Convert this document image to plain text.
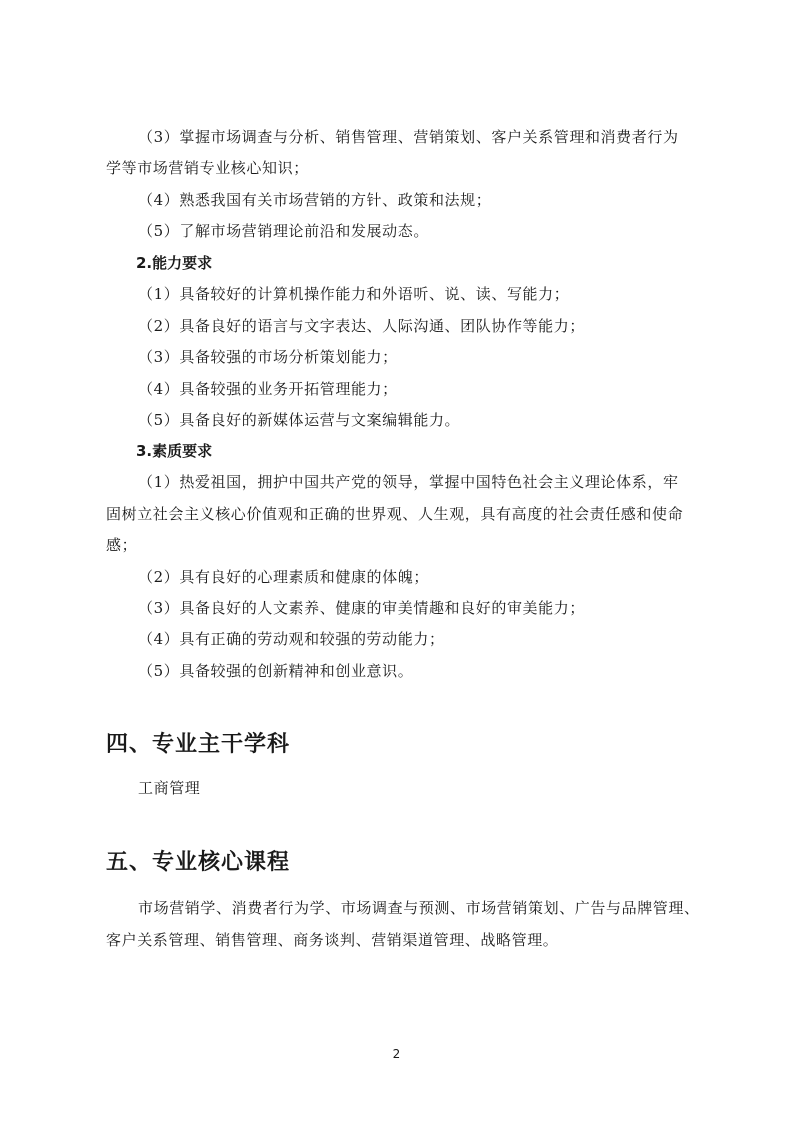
（3）掌握市场调查与分析、销售管理、营销策划、客户关系管理和消费者行为
学等市场营销专业核心知识；
（4）熟悉我国有关市场营销的方针、政策和法规；
（5）了解市场营销理论前沿和发展动态。
2.能力要求
（1）具备较好的计算机操作能力和外语听、说、读、写能力；
（2）具备良好的语言与文字表达、人际沟通、团队协作等能力；
（3）具备较强的市场分析策划能力；
（4）具备较强的业务开拓管理能力；
（5）具备良好的新媒体运营与文案编辑能力。
3.素质要求
（1）热爱祖国，拥护中国共产党的领导，掌握中国特色社会主义理论体系，牢
固树立社会主义核心价值观和正确的世界观、人生观，具有高度的社会责任感和使命
感；
（2）具有良好的心理素质和健康的体魄；
（3）具备良好的人文素养、健康的审美情趣和良好的审美能力；
（4）具有正确的劳动观和较强的劳动能力；
（5）具备较强的创新精神和创业意识。
四、专业主干学科
工商管理
五、专业核心课程
市场营销学、消费者行为学、市场调查与预测、市场营销策划、广告与品牌管理、
客户关系管理、销售管理、商务谈判、营销渠道管理、战略管理。
2
